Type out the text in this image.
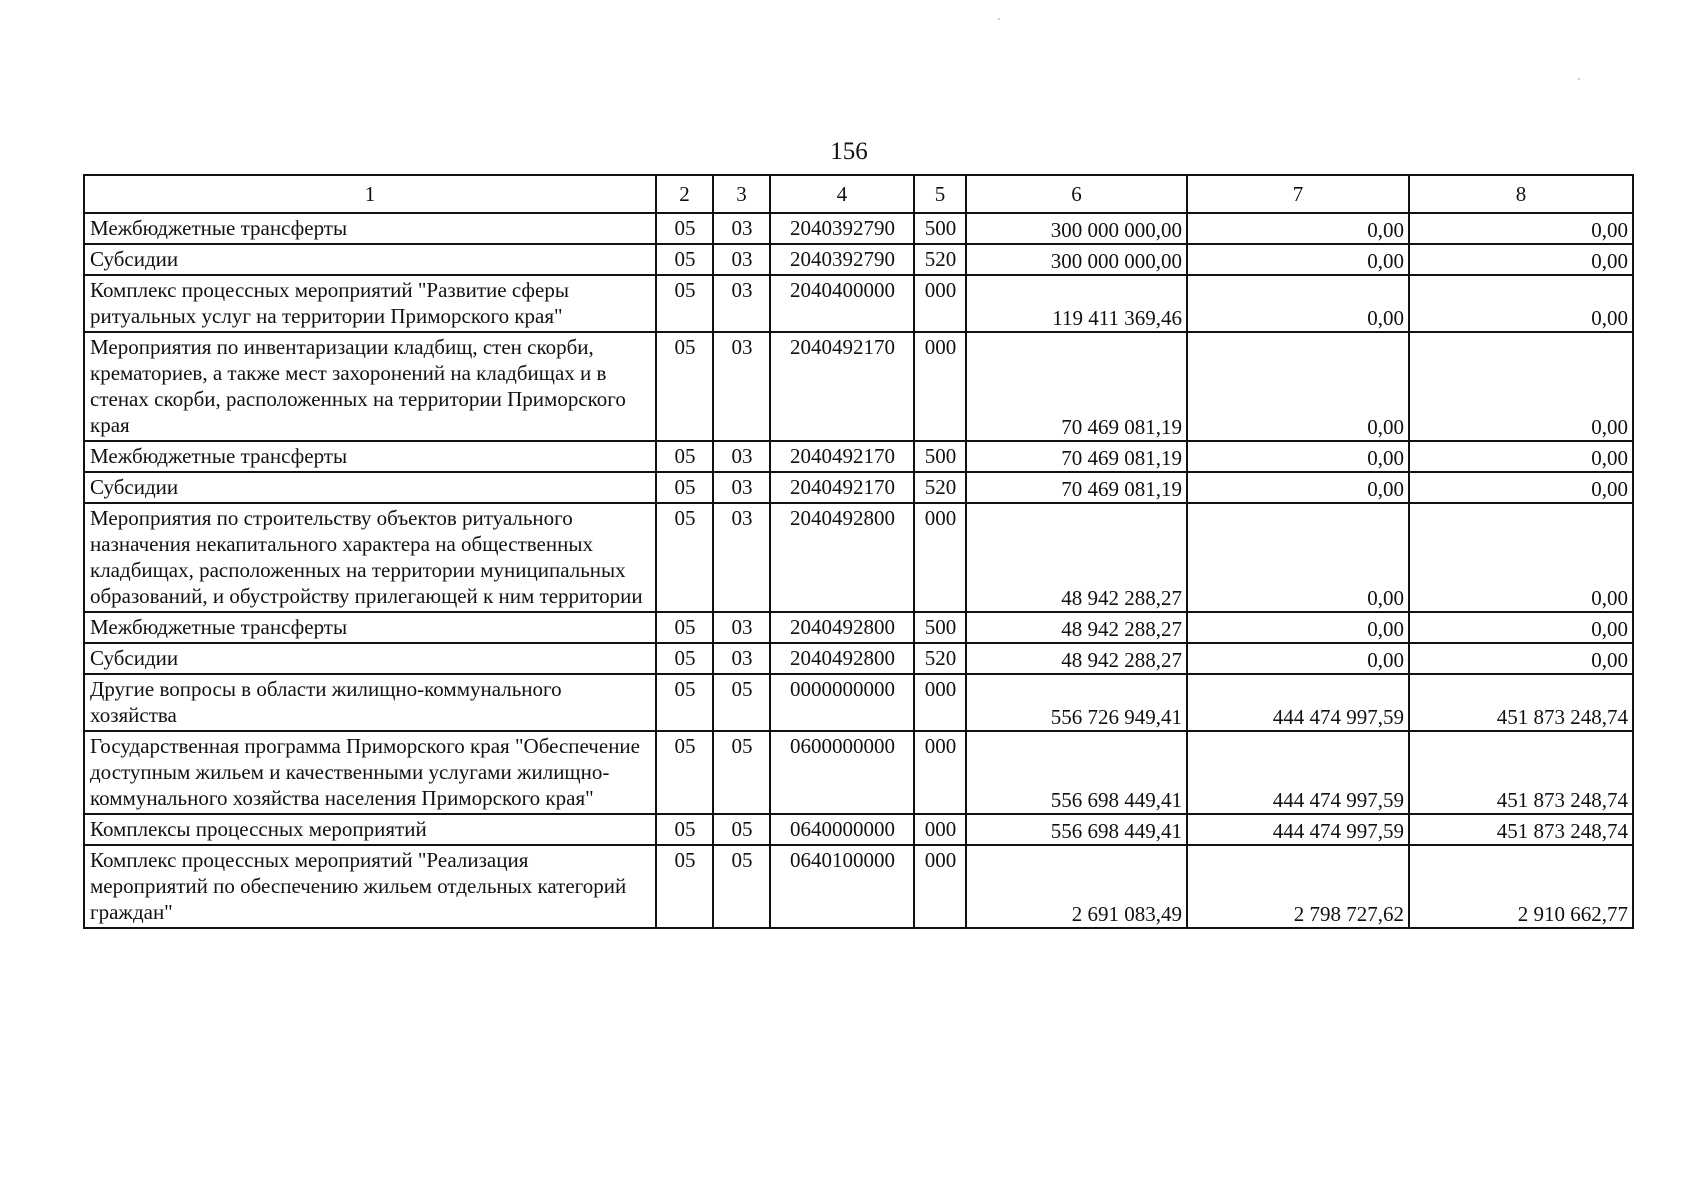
156
1	2	3	4	5	6	7	8
Межбюджетные трансферты	05	03	2040392790	500	300 000 000,00	0,00	0,00
Субсидии	05	03	2040392790	520	300 000 000,00	0,00	0,00
Комплекс процессных мероприятий "Развитие сферы ритуальных услуг на территории Приморского края"	05	03	2040400000	000	119 411 369,46	0,00	0,00
Мероприятия по инвентаризации кладбищ, стен скорби, крематориев, а также мест захоронений на кладбищах и в стенах скорби, расположенных на территории Приморского края	05	03	2040492170	000	70 469 081,19	0,00	0,00
Межбюджетные трансферты	05	03	2040492170	500	70 469 081,19	0,00	0,00
Субсидии	05	03	2040492170	520	70 469 081,19	0,00	0,00
Мероприятия по строительству объектов ритуального назначения некапитального характера на общественных кладбищах, расположенных на территории муниципальных образований, и обустройству прилегающей к ним территории	05	03	2040492800	000	48 942 288,27	0,00	0,00
Межбюджетные трансферты	05	03	2040492800	500	48 942 288,27	0,00	0,00
Субсидии	05	03	2040492800	520	48 942 288,27	0,00	0,00
Другие вопросы в области жилищно-коммунального хозяйства	05	05	0000000000	000	556 726 949,41	444 474 997,59	451 873 248,74
Государственная программа Приморского края "Обеспечение доступным жильем и качественными услугами жилищно-коммунального хозяйства населения Приморского края"	05	05	0600000000	000	556 698 449,41	444 474 997,59	451 873 248,74
Комплексы процессных мероприятий	05	05	0640000000	000	556 698 449,41	444 474 997,59	451 873 248,74
Комплекс процессных мероприятий "Реализация мероприятий по обеспечению жильем отдельных категорий граждан"	05	05	0640100000	000	2 691 083,49	2 798 727,62	2 910 662,77
